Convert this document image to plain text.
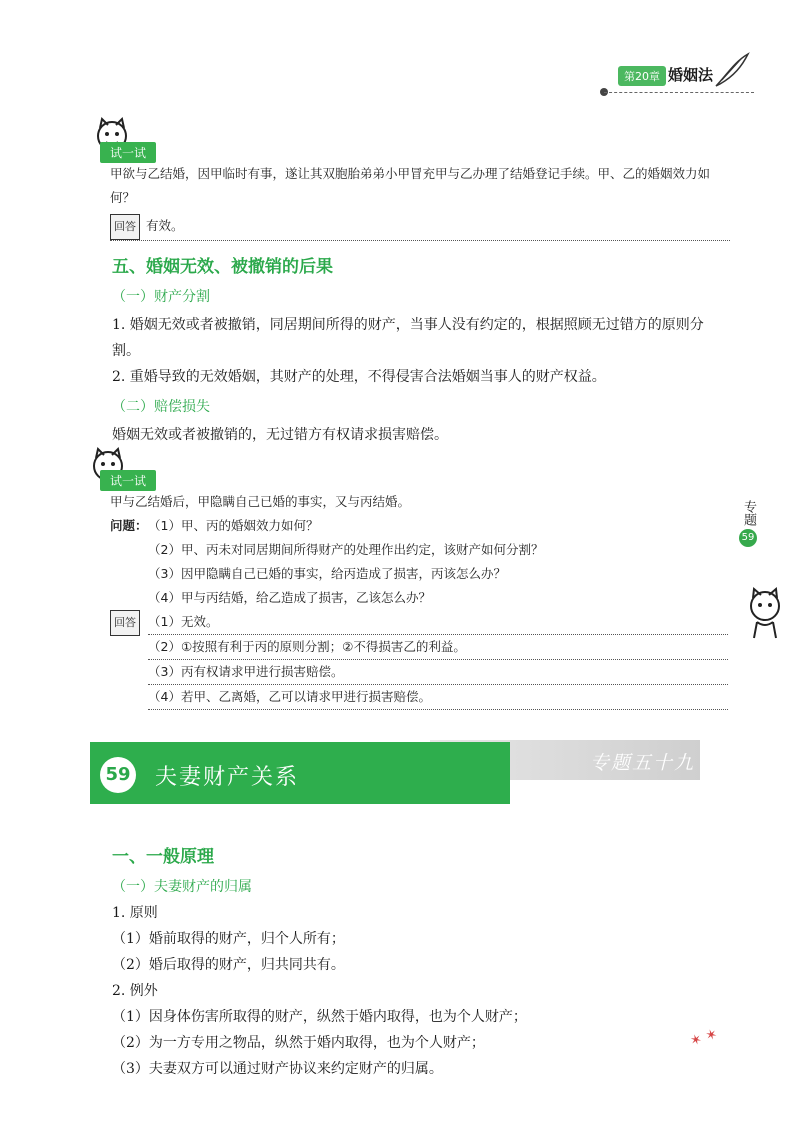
第20章 婚姻法
试一试
甲欲与乙结婚，因甲临时有事，遂让其双胞胎弟弟小甲冒充甲与乙办理了结婚登记手续。甲、乙的婚姻效力如何？
回答 有效。
五、婚姻无效、被撤销的后果
（一）财产分割
1. 婚姻无效或者被撤销，同居期间所得的财产，当事人没有约定的，根据照顾无过错方的原则分割。
2. 重婚导致的无效婚姻，其财产的处理，不得侵害合法婚姻当事人的财产权益。
（二）赔偿损失
婚姻无效或者被撤销的，无过错方有权请求损害赔偿。
试一试
甲与乙结婚后，甲隐瞒自己已婚的事实，又与丙结婚。
问题： （1）甲、丙的婚姻效力如何？
（2）甲、丙未对同居期间所得财产的处理作出约定，该财产如何分割？
（3）因甲隐瞒自己已婚的事实，给丙造成了损害，丙该怎么办？
（4）甲与丙结婚，给乙造成了损害，乙该怎么办？
回答 （1）无效。
（2）①按照有利于丙的原则分割；②不得损害乙的利益。
（3）丙有权请求甲进行损害赔偿。
（4）若甲、乙离婚，乙可以请求甲进行损害赔偿。
专题
59
59 夫妻财产关系
专题五十九
一、一般原理
（一）夫妻财产的归属
1. 原则
（1）婚前取得的财产，归个人所有；
（2）婚后取得的财产，归共同共有。
2. 例外
（1）因身体伤害所取得的财产，纵然于婚内取得，也为个人财产；
（2）为一方专用之物品，纵然于婚内取得，也为个人财产；
（3）夫妻双方可以通过财产协议来约定财产的归属。
✶ ✶
